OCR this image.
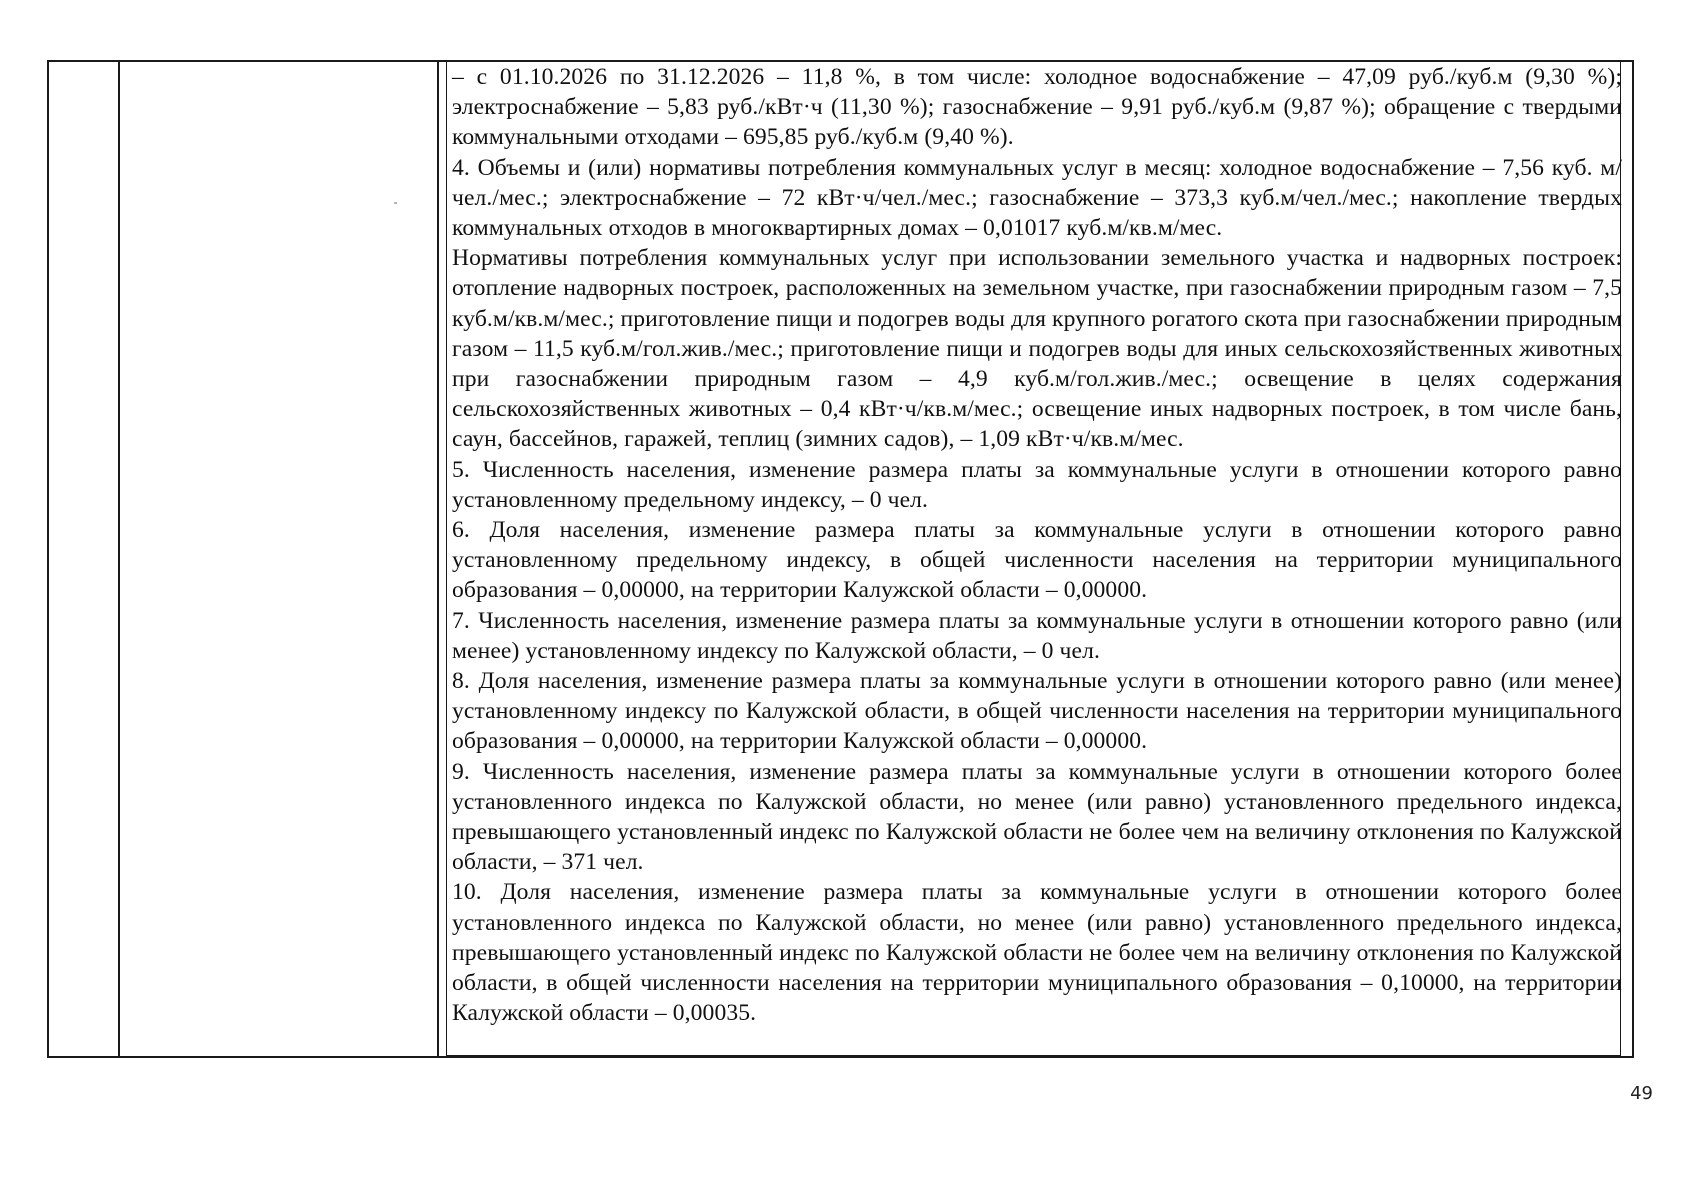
– с 01.10.2026 по 31.12.2026 – 11,8 %, в том числе: холодное водоснабжение – 47,09 руб./куб.м (9,30 %); электроснабжение – 5,83 руб./кВт·ч (11,30 %); газоснабжение – 9,91 руб./куб.м (9,87 %); обращение с твердыми коммунальными отходами – 695,85 руб./куб.м (9,40 %).

4. Объемы и (или) нормативы потребления коммунальных услуг в месяц: холодное водоснабжение – 7,56 куб. м/чел./мес.; электроснабжение – 72 кВт·ч/чел./мес.; газоснабжение – 373,3 куб.м/чел./мес.; накопление твердых коммунальных отходов в многоквартирных домах – 0,01017 куб.м/кв.м/мес.

Нормативы потребления коммунальных услуг при использовании земельного участка и надворных построек: отопление надворных построек, расположенных на земельном участке, при газоснабжении природным газом – 7,5 куб.м/кв.м/мес.; приготовление пищи и подогрев воды для крупного рогатого скота при газоснабжении природным газом – 11,5 куб.м/гол.жив./мес.; приготовление пищи и подогрев воды для иных сельскохозяйственных животных при газоснабжении природным газом – 4,9 куб.м/гол.жив./мес.; освещение в целях содержания сельскохозяйственных животных – 0,4 кВт·ч/кв.м/мес.; освещение иных надворных построек, в том числе бань, саун, бассейнов, гаражей, теплиц (зимних садов), – 1,09 кВт·ч/кв.м/мес.

5. Численность населения, изменение размера платы за коммунальные услуги в отношении которого равно установленному предельному индексу, – 0 чел.

6. Доля населения, изменение размера платы за коммунальные услуги в отношении которого равно установленному предельному индексу, в общей численности населения на территории муниципального образования – 0,00000, на территории Калужской области – 0,00000.

7. Численность населения, изменение размера платы за коммунальные услуги в отношении которого равно (или менее) установленному индексу по Калужской области, – 0 чел.

8. Доля населения, изменение размера платы за коммунальные услуги в отношении которого равно (или менее) установленному индексу по Калужской области, в общей численности населения на территории муниципального образования – 0,00000, на территории Калужской области – 0,00000.

9. Численность населения, изменение размера платы за коммунальные услуги в отношении которого более установленного индекса по Калужской области, но менее (или равно) установленного предельного индекса, превышающего установленный индекс по Калужской области не более чем на величину отклонения по Калужской области, – 371 чел.

10. Доля населения, изменение размера платы за коммунальные услуги в отношении которого более установленного индекса по Калужской области, но менее (или равно) установленного предельного индекса, превышающего установленный индекс по Калужской области не более чем на величину отклонения по Калужской области, в общей численности населения на территории муниципального образования – 0,10000, на территории Калужской области – 0,00035.

49
